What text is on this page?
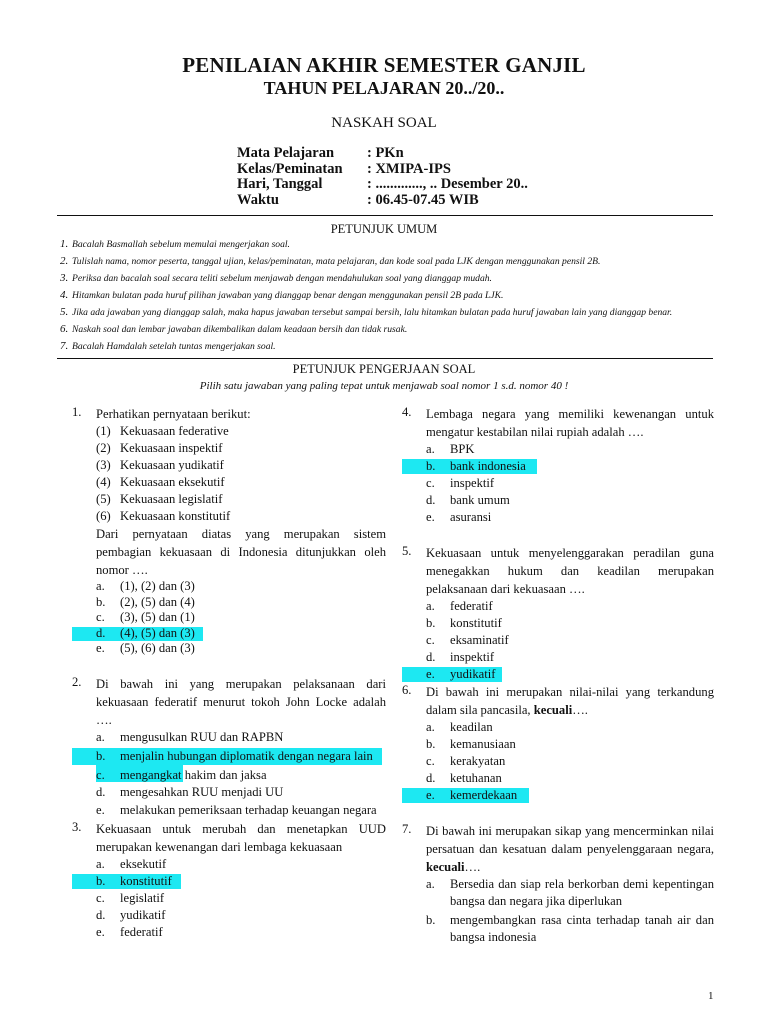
PENILAIAN AKHIR SEMESTER GANJIL
TAHUN PELAJARAN 20../20..
NASKAH SOAL
Mata Pelajaran : PKn
Kelas/Peminatan : XMIPA-IPS
Hari, Tanggal	: ............., .. Desember 20..
Waktu	: 06.45-07.45 WIB
PETUNJUK UMUM
1. Bacalah Basmallah sebelum memulai mengerjakan soal.
2. Tulislah nama, nomor peserta, tanggal ujian, kelas/peminatan, mata pelajaran, dan kode soal pada LJK dengan menggunakan pensil 2B.
3. Periksa dan bacalah soal secara teliti sebelum menjawab dengan mendahulukan soal yang dianggap mudah.
4. Hitamkan bulatan pada huruf pilihan jawaban yang dianggap benar dengan menggunakan pensil 2B pada LJK.
5. Jika ada jawaban yang dianggap salah, maka hapus jawaban tersebut sampai bersih, lalu hitamkan bulatan pada huruf jawaban lain yang dianggap benar.
6. Naskah soal dan lembar jawaban dikembalikan dalam keadaan bersih dan tidak rusak.
7. Bacalah Hamdalah setelah tuntas mengerjakan soal.
PETUNJUK PENGERJAAN SOAL
Pilih satu jawaban yang paling tepat untuk menjawab soal nomor 1 s.d. nomor 40 !
1. Perhatikan pernyataan berikut:

(1) Kekuasaan federative
(2) Kekuasaan inspektif
(3) Kekuasaan yudikatif
(4) Kekuasaan eksekutif
(5) Kekuasaan legislatif
(6) Kekuasaan konstitutif

Dari pernyataan diatas yang merupakan sistem pembagian kekuasaan di Indonesia ditunjukkan oleh nomor ….

a. (1), (2) dan (3)
b. (2), (5) dan (4)
c. (3), (5) dan (1)
d. (4), (5) dan (3)
e. (5), (6) dan (3)
2. Di bawah ini yang merupakan pelaksanaan dari kekuasaan federatif menurut tokoh John Locke adalah ….

a. mengusulkan RUU dan RAPBN
b. menjalin hubungan diplomatik dengan negara lain
c. mengangkat hakim dan jaksa
d. mengesahkan RUU menjadi UU
e. melakukan pemeriksaan terhadap keuangan negara
3. Kekuasaan untuk merubah dan menetapkan UUD merupakan kewenangan dari lembaga kekuasaan

a. eksekutif
b. konstitutif
c. legislatif
d. yudikatif
e. federatif
4. Lembaga negara yang memiliki kewenangan untuk mengatur kestabilan nilai rupiah adalah ….

a. BPK
b. bank indonesia
c. inspektif
d. bank umum
e. asuransi
5. Kekuasaan untuk menyelenggarakan peradilan guna menegakkan hukum dan keadilan merupakan pelaksanaan dari kekuasaan ….

a. federatif
b. konstitutif
c. eksaminatif
d. inspektif
e. yudikatif
6. Di bawah ini merupakan nilai-nilai yang terkandung dalam sila pancasila, kecuali….

a. keadilan
b. kemanusiaan
c. kerakyatan
d. ketuhanan
e. kemerdekaan
7. Di bawah ini merupakan sikap yang mencerminkan nilai persatuan dan kesatuan dalam penyelenggaraan negara, kecuali….

a. Bersedia dan siap rela berkorban demi kepentingan bangsa dan negara jika diperlukan
b. mengembangkan rasa cinta terhadap tanah air dan bangsa indonesia
1
